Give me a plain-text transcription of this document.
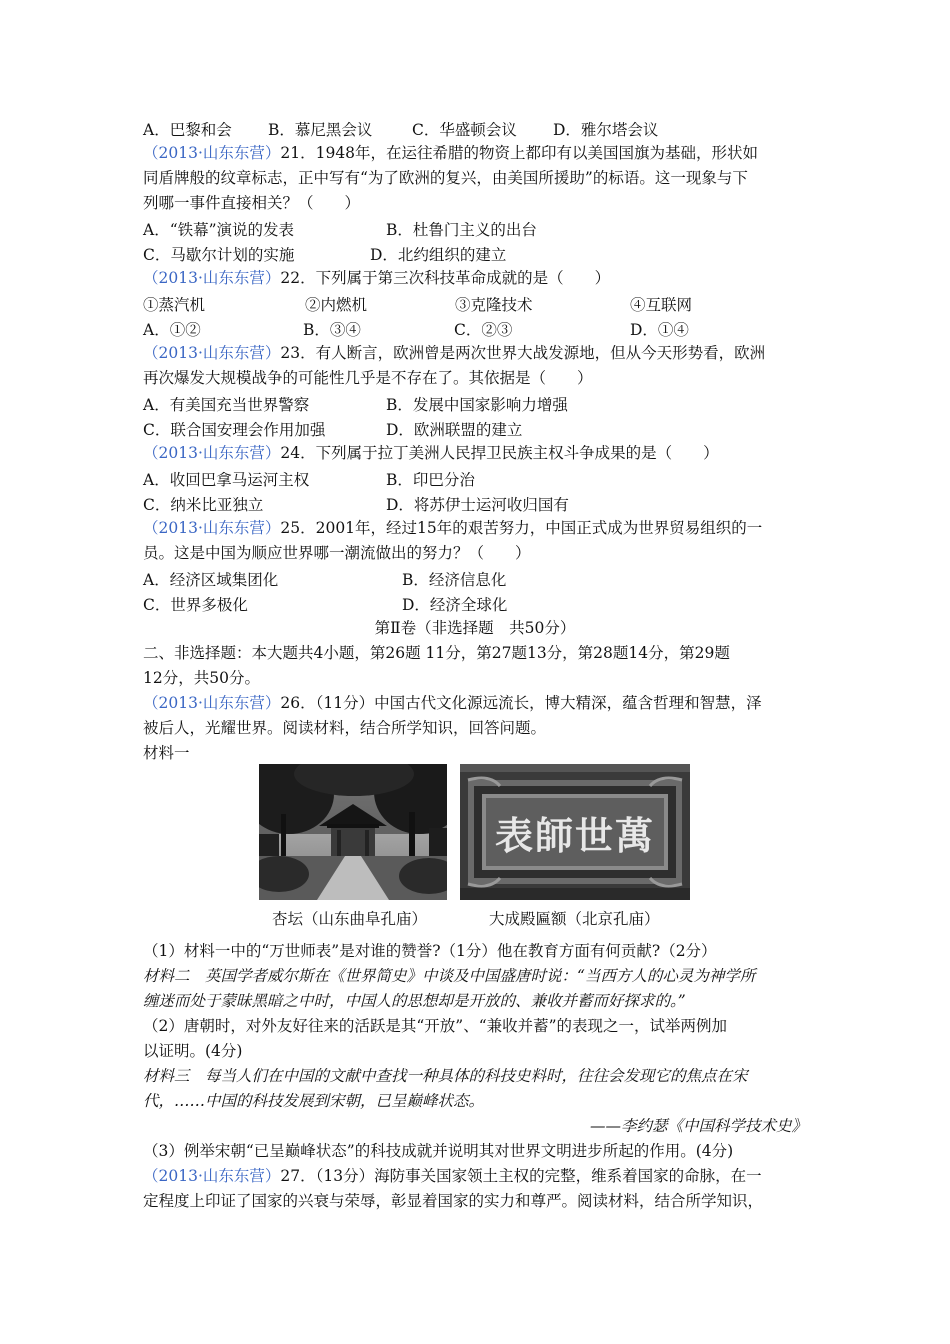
A．巴黎和会 B．慕尼黑会议	C．华盛顿会议 D．雅尔塔会议
（2013·山东东营）21．1948年，在运往希腊的物资上都印有以美国国旗为基础，形状如
同盾牌般的纹章标志，正中写有“为了欧洲的复兴，由美国所援助”的标语。这一现象与下
列哪一事件直接相关？（　　）
A．“铁幕”演说的发表	B．杜鲁门主义的出台
C．马歇尔计划的实施	D．北约组织的建立
（2013·山东东营）22．下列属于第三次科技革命成就的是（　　）
①蒸汽机	②内燃机	③克隆技术	④互联网
A．①②	B．③④	C．②③	D．①④
（2013·山东东营）23．有人断言，欧洲曾是两次世界大战发源地，但从今天形势看，欧洲
再次爆发大规模战争的可能性几乎是不存在了。其依据是（　　）
A．有美国充当世界警察	B．发展中国家影响力增强
C．联合国安理会作用加强	D．欧洲联盟的建立
（2013·山东东营）24．下列属于拉丁美洲人民捍卫民族主权斗争成果的是（　　）
A．收回巴拿马运河主权	B．印巴分治
C．纳米比亚独立	D．将苏伊士运河收归国有
（2013·山东东营）25．2001年，经过15年的艰苦努力，中国正式成为世界贸易组织的一
员。这是中国为顺应世界哪一潮流做出的努力？（　　）
A．经济区域集团化	B．经济信息化
C．世界多极化	D．经济全球化
第Ⅱ卷（非选择题　共50分）
二、非选择题：本大题共4小题，第26题 11分，第27题13分，第28题14分，第29题
12分，共50分。
（2013·山东东营）26．（11分）中国古代文化源远流长，博大精深，蕴含哲理和智慧，泽
被后人，光耀世界。阅读材料，结合所学知识，回答问题。
材料一
表師世萬
杏坛（山东曲阜孔庙）	大成殿匾额（北京孔庙）
（1）材料一中的“万世师表”是对谁的赞誉?（1分）他在教育方面有何贡献?（2分）
材料二　英国学者威尔斯在《世界简史》中谈及中国盛唐时说：“当西方人的心灵为神学所
缠迷而处于蒙昧黑暗之中时，中国人的思想却是开放的、兼收并蓄而好探求的。”
（2）唐朝时，对外友好往来的活跃是其“开放”、“兼收并蓄”的表现之一，试举两例加
以证明。(4分)
材料三　每当人们在中国的文献中查找一种具体的科技史料时，往往会发现它的焦点在宋
代，……中国的科技发展到宋朝，已呈巅峰状态。
——李约瑟《中国科学技术史》
（3）例举宋朝“已呈巅峰状态”的科技成就并说明其对世界文明进步所起的作用。(4分)
（2013·山东东营）27．（13分）海防事关国家领土主权的完整，维系着国家的命脉，在一
定程度上印证了国家的兴衰与荣辱，彰显着国家的实力和尊严。阅读材料，结合所学知识，
